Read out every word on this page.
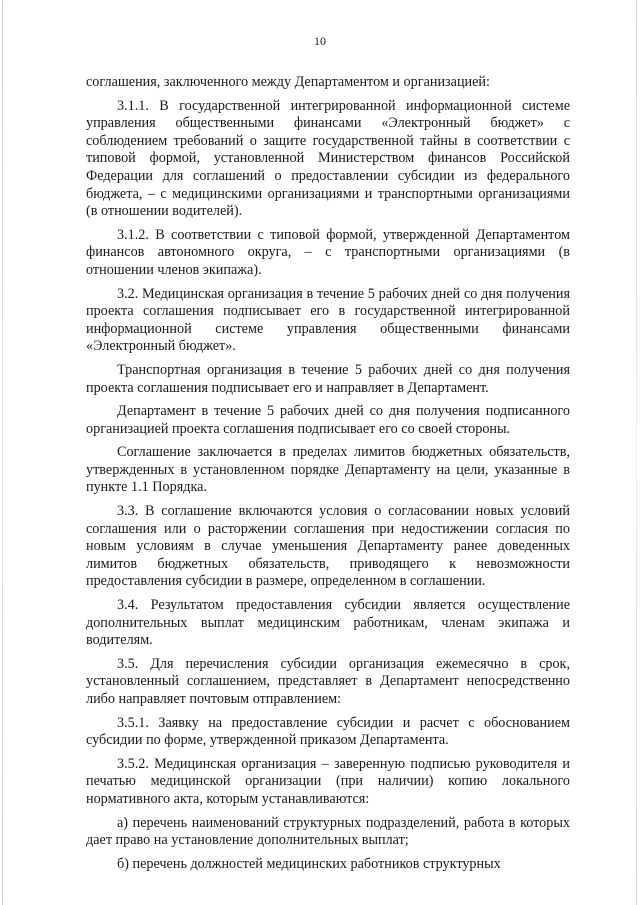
10

соглашения, заключенного между Департаментом и организацией:

3.1.1. В государственной интегрированной информационной системе управления общественными финансами «Электронный бюджет» с соблюдением требований о защите государственной тайны в соответствии с типовой формой, установленной Министерством финансов Российской Федерации для соглашений о предоставлении субсидии из федерального бюджета, – с медицинскими организациями и транспортными организациями (в отношении водителей).

3.1.2. В соответствии с типовой формой, утвержденной Департаментом финансов автономного округа, – с транспортными организациями (в отношении членов экипажа).

3.2. Медицинская организация в течение 5 рабочих дней со дня получения проекта соглашения подписывает его в государственной интегрированной информационной системе управления общественными финансами «Электронный бюджет».

Транспортная организация в течение 5 рабочих дней со дня получения проекта соглашения подписывает его и направляет в Департамент.

Департамент в течение 5 рабочих дней со дня получения подписанного организацией проекта соглашения подписывает его со своей стороны.

Соглашение заключается в пределах лимитов бюджетных обязательств, утвержденных в установленном порядке Департаменту на цели, указанные в пункте 1.1 Порядка.

3.3. В соглашение включаются условия о согласовании новых условий соглашения или о расторжении соглашения при недостижении согласия по новым условиям в случае уменьшения Департаменту ранее доведенных лимитов бюджетных обязательств, приводящего к невозможности предоставления субсидии в размере, определенном в соглашении.

3.4. Результатом предоставления субсидии является осуществление дополнительных выплат медицинским работникам, членам экипажа и водителям.

3.5. Для перечисления субсидии организация ежемесячно в срок, установленный соглашением, представляет в Департамент непосредственно либо направляет почтовым отправлением:

3.5.1. Заявку на предоставление субсидии и расчет с обоснованием субсидии по форме, утвержденной приказом Департамента.

3.5.2. Медицинская организация – заверенную подписью руководителя и печатью медицинской организации (при наличии) копию локального нормативного акта, которым устанавливаются:

а) перечень наименований структурных подразделений, работа в которых дает право на установление дополнительных выплат;

б) перечень должностей медицинских работников структурных
